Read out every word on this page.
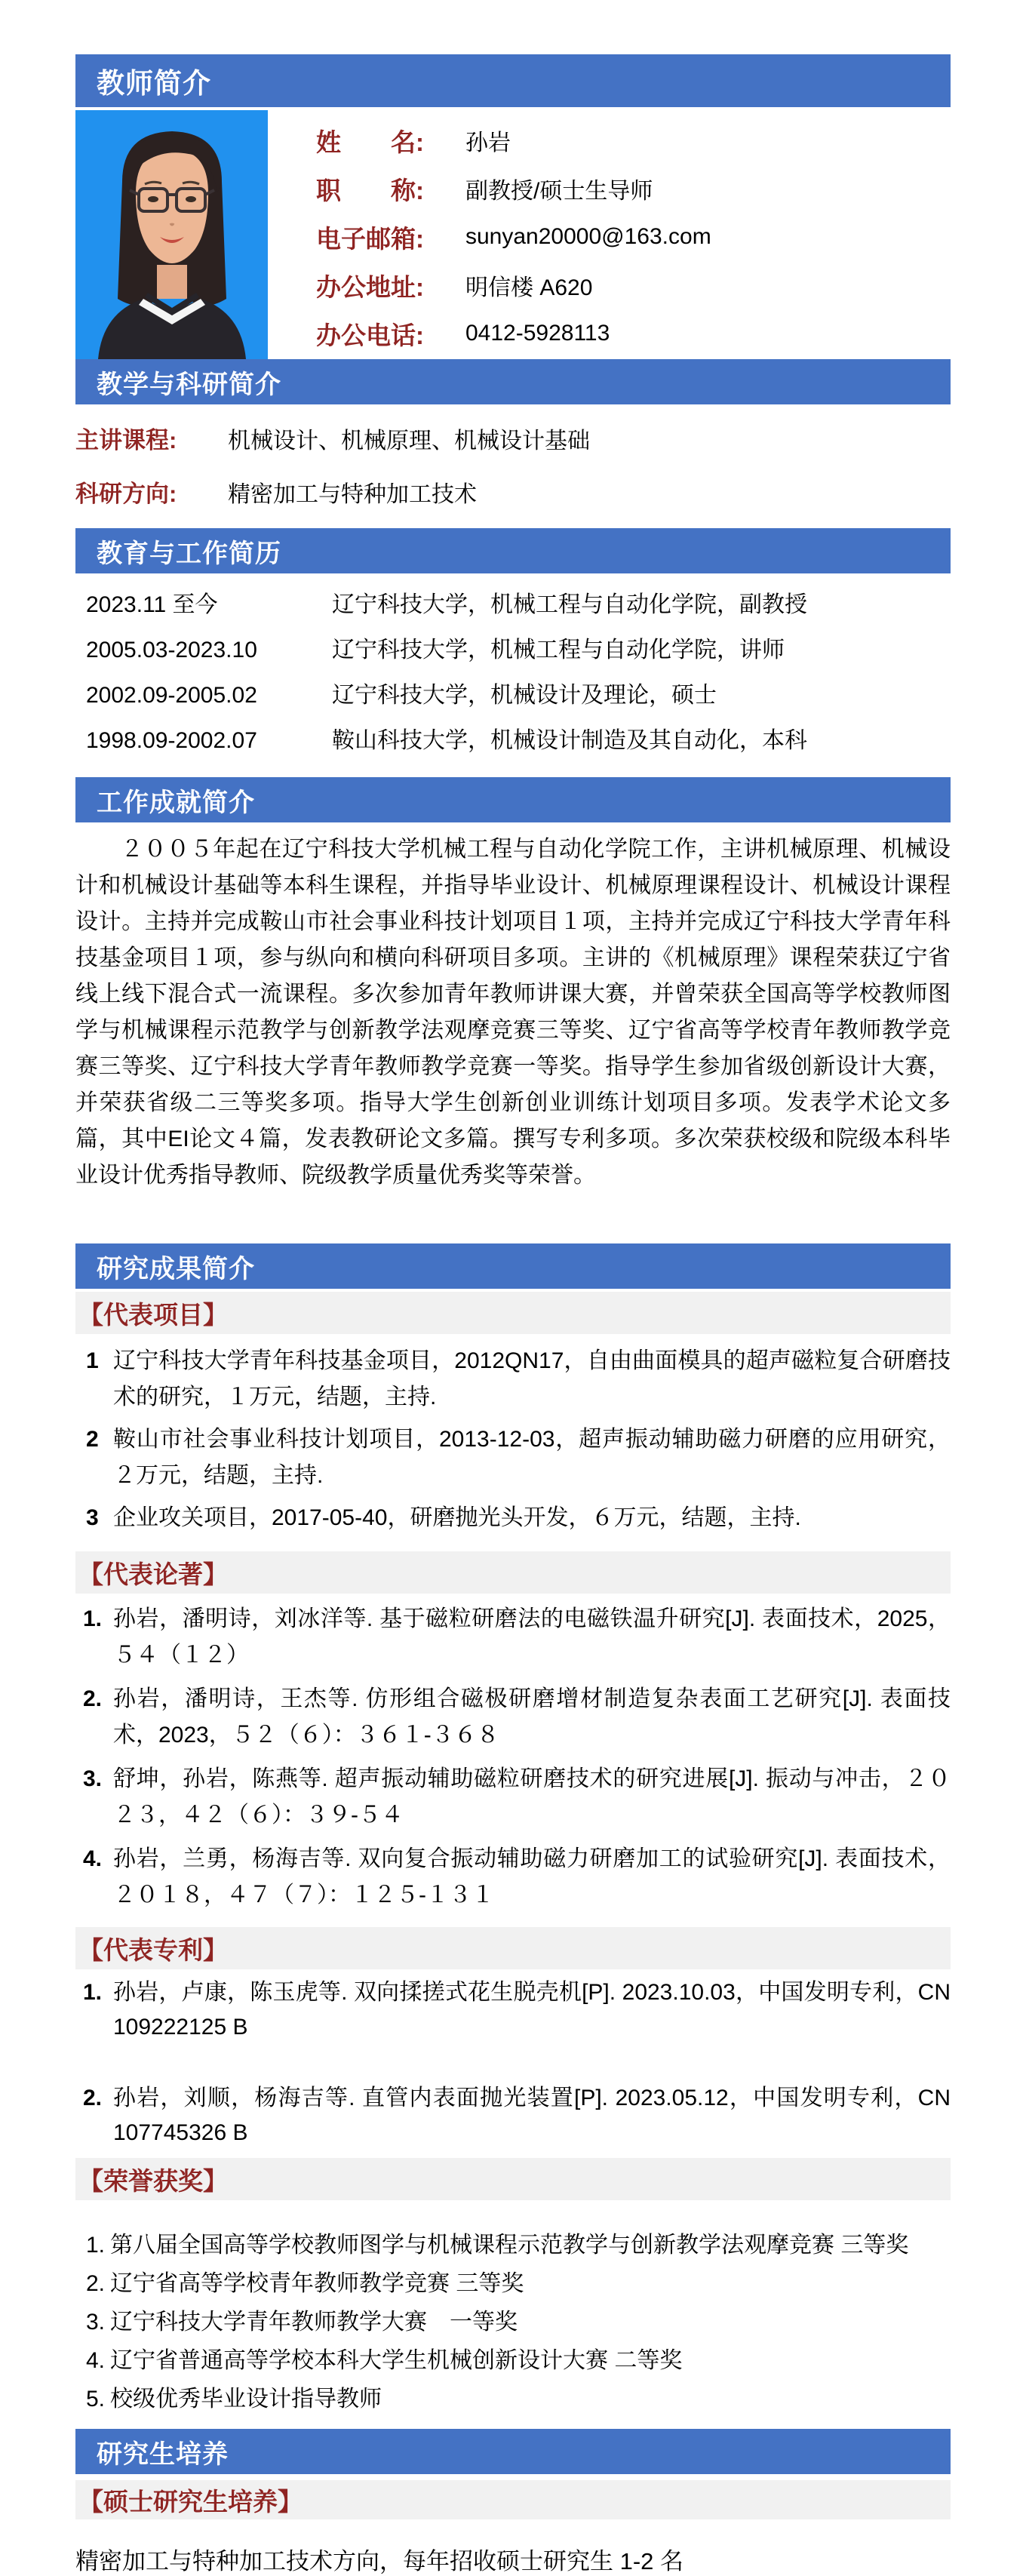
教师简介
姓　　名:	孙岩
职　　称:	副教授/硕士生导师
电子邮箱:	sunyan20000@163.com
办公地址:	明信楼 A620
办公电话:	0412-5928113
教学与科研简介
主讲课程:	机械设计、机械原理、机械设计基础
科研方向:	精密加工与特种加工技术
教育与工作简历
2023.11 至今	辽宁科技大学，机械工程与自动化学院，副教授
2005.03-2023.10	辽宁科技大学，机械工程与自动化学院，讲师
2002.09-2005.02	辽宁科技大学，机械设计及理论，硕士
1998.09-2002.07	鞍山科技大学，机械设计制造及其自动化，本科
工作成就简介

２００５年起在辽宁科技大学机械工程与自动化学院工作，主讲机械原理、机械设计和机械设计基础等本科生课程，并指导毕业设计、机械原理课程设计、机械设计课程设计。主持并完成鞍山市社会事业科技计划项目１项，主持并完成辽宁科技大学青年科技基金项目１项，参与纵向和横向科研项目多项。主讲的《机械原理》课程荣获辽宁省线上线下混合式一流课程。多次参加青年教师讲课大赛，并曾荣获全国高等学校教师图学与机械课程示范教学与创新教学法观摩竞赛三等奖、辽宁省高等学校青年教师教学竞赛三等奖、辽宁科技大学青年教师教学竞赛一等奖。指导学生参加省级创新设计大赛，并荣获省级二三等奖多项。指导大学生创新创业训练计划项目多项。发表学术论文多篇，其中EI论文４篇，发表教研论文多篇。撰写专利多项。多次荣获校级和院级本科毕业设计优秀指导教师、院级教学质量优秀奖等荣誉。

研究成果简介
【代表项目】
1 辽宁科技大学青年科技基金项目，2012QN17，自由曲面模具的超声磁粒复合研磨技术的研究，１万元，结题，主持.
2 鞍山市社会事业科技计划项目，2013-12-03，超声振动辅助磁力研磨的应用研究，２万元，结题，主持.
3 企业攻关项目，2017-05-40，研磨抛光头开发，６万元，结题，主持.
【代表论著】
1. 孙岩，潘明诗，刘冰洋等. 基于磁粒研磨法的电磁铁温升研究[J]. 表面技术，2025，５４（１２）
2. 孙岩，潘明诗，王杰等. 仿形组合磁极研磨增材制造复杂表面工艺研究[J]. 表面技术，2023，５２（６）：３６１-３６８
3. 舒坤，孙岩，陈燕等. 超声振动辅助磁粒研磨技术的研究进展[J]. 振动与冲击，２０２３，４２（６）：３９-５４
4. 孙岩，兰勇，杨海吉等. 双向复合振动辅助磁力研磨加工的试验研究[J]. 表面技术，２０１８，４７（７）：１２５-１３１
【代表专利】
1. 孙岩，卢康，陈玉虎等. 双向揉搓式花生脱壳机[P]. 2023.10.03，中国发明专利，CN 109222125 B
2. 孙岩，刘顺，杨海吉等. 直管内表面抛光装置[P]. 2023.05.12，中国发明专利，CN 107745326 B
【荣誉获奖】
1. 第八届全国高等学校教师图学与机械课程示范教学与创新教学法观摩竞赛 三等奖
2. 辽宁省高等学校青年教师教学竞赛 三等奖
3. 辽宁科技大学青年教师教学大赛　一等奖
4. 辽宁省普通高等学校本科大学生机械创新设计大赛 二等奖
5. 校级优秀毕业设计指导教师
研究生培养
【硕士研究生培养】
精密加工与特种加工技术方向，每年招收硕士研究生 1-2 名
